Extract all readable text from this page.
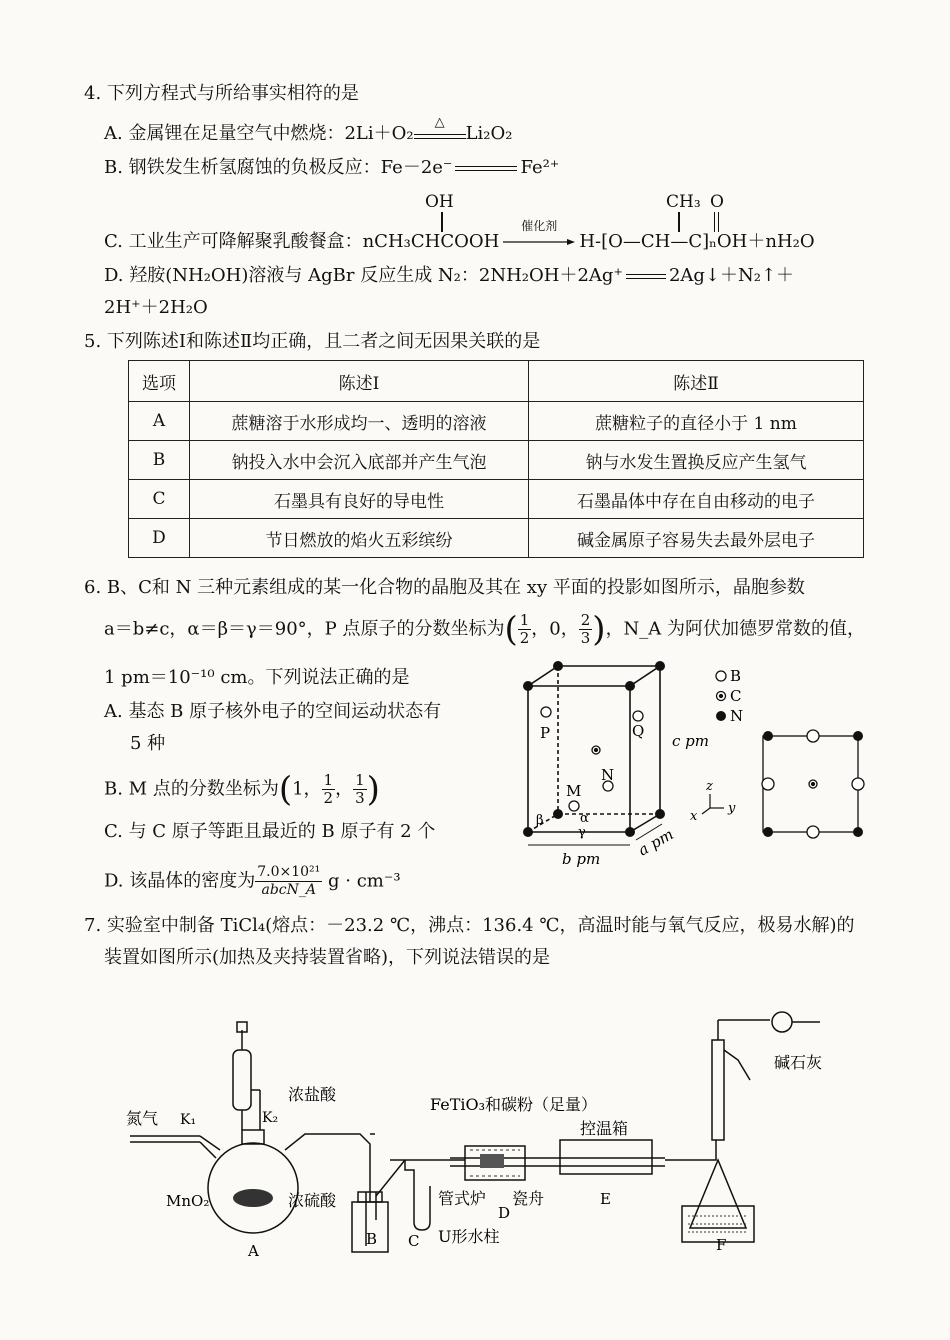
4. 下列方程式与所给事实相符的是
A. 金属锂在足量空气中燃烧：2Li＋O₂
△
Li₂O₂
B. 钢铁发生析氢腐蚀的负极反应：Fe－2e⁻	Fe²⁺
OH	CH₃ O
C. 工业生产可降解聚乳酸餐盒：nCH₃CHCOOH
催化剂
H-[O—CH—C]ₙOH＋nH₂O
D. 羟胺(NH₂OH)溶液与 AgBr 反应生成 N₂：2NH₂OH＋2Ag⁺	2Ag↓＋N₂↑＋
2H⁺＋2H₂O
5. 下列陈述Ⅰ和陈述Ⅱ均正确，且二者之间无因果关联的是
选项	陈述Ⅰ	陈述Ⅱ
A	蔗糖溶于水形成均一、透明的溶液	蔗糖粒子的直径小于 1 nm
B	钠投入水中会沉入底部并产生气泡	钠与水发生置换反应产生氢气
C	石墨具有良好的导电性	石墨晶体中存在自由移动的电子
D	节日燃放的焰火五彩缤纷	碱金属原子容易失去最外层电子
6. B、C和 N 三种元素组成的某一化合物的晶胞及其在 xy 平面的投影如图所示，晶胞参数
a＝b≠c，α＝β＝γ＝90°，P 点原子的分数坐标为( $\frac{1}{2}$ ，0， $\frac{2}{3}$ )，N_A 为阿伏加德罗常数的值，
1 pm＝10⁻¹⁰ cm。下列说法正确的是
A. 基态 B 原子核外电子的空间运动状态有
5 种
B. M 点的分数坐标为(1， $\frac{1}{2}$ ， $\frac{1}{3}$ )
C. 与 C 原子等距且最近的 B 原子有 2 个
D. 该晶体的密度为 $\frac{\text{7.0×10²¹}}{\text{abcN\_A}}$ g · cm⁻³
B
C
N
P	Q
N
M
α
β
γ
c pm
b pm a pm
z
y
x
7. 实验室中制备 TiCl₄(熔点：－23.2 ℃，沸点：136.4 ℃，高温时能与氧气反应，极易水解)的
装置如图所示(加热及夹持装置省略)，下列说法错误的是
氮气 K₁	K₂
浓盐酸
MnO₂
A
浓硫酸
B C U形水柱
FeTiO₃和碳粉（足量）
管式炉
D
瓷舟
控温箱
E
F
碱石灰
